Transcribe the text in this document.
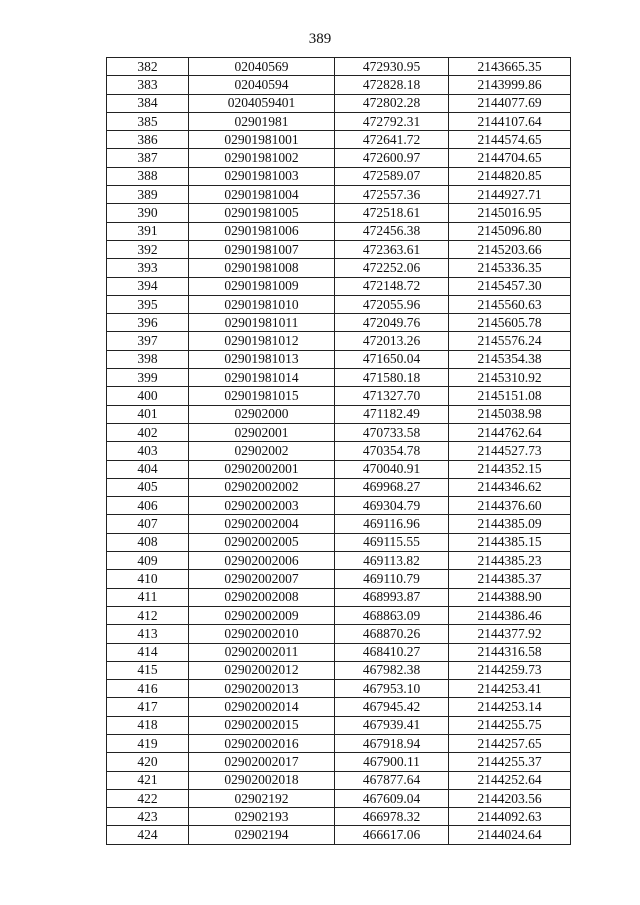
389
382	02040569	472930.95	2143665.35
383	02040594	472828.18	2143999.86
384	0204059401	472802.28	2144077.69
385	02901981	472792.31	2144107.64
386	02901981001	472641.72	2144574.65
387	02901981002	472600.97	2144704.65
388	02901981003	472589.07	2144820.85
389	02901981004	472557.36	2144927.71
390	02901981005	472518.61	2145016.95
391	02901981006	472456.38	2145096.80
392	02901981007	472363.61	2145203.66
393	02901981008	472252.06	2145336.35
394	02901981009	472148.72	2145457.30
395	02901981010	472055.96	2145560.63
396	02901981011	472049.76	2145605.78
397	02901981012	472013.26	2145576.24
398	02901981013	471650.04	2145354.38
399	02901981014	471580.18	2145310.92
400	02901981015	471327.70	2145151.08
401	02902000	471182.49	2145038.98
402	02902001	470733.58	2144762.64
403	02902002	470354.78	2144527.73
404	02902002001	470040.91	2144352.15
405	02902002002	469968.27	2144346.62
406	02902002003	469304.79	2144376.60
407	02902002004	469116.96	2144385.09
408	02902002005	469115.55	2144385.15
409	02902002006	469113.82	2144385.23
410	02902002007	469110.79	2144385.37
411	02902002008	468993.87	2144388.90
412	02902002009	468863.09	2144386.46
413	02902002010	468870.26	2144377.92
414	02902002011	468410.27	2144316.58
415	02902002012	467982.38	2144259.73
416	02902002013	467953.10	2144253.41
417	02902002014	467945.42	2144253.14
418	02902002015	467939.41	2144255.75
419	02902002016	467918.94	2144257.65
420	02902002017	467900.11	2144255.37
421	02902002018	467877.64	2144252.64
422	02902192	467609.04	2144203.56
423	02902193	466978.32	2144092.63
424	02902194	466617.06	2144024.64
